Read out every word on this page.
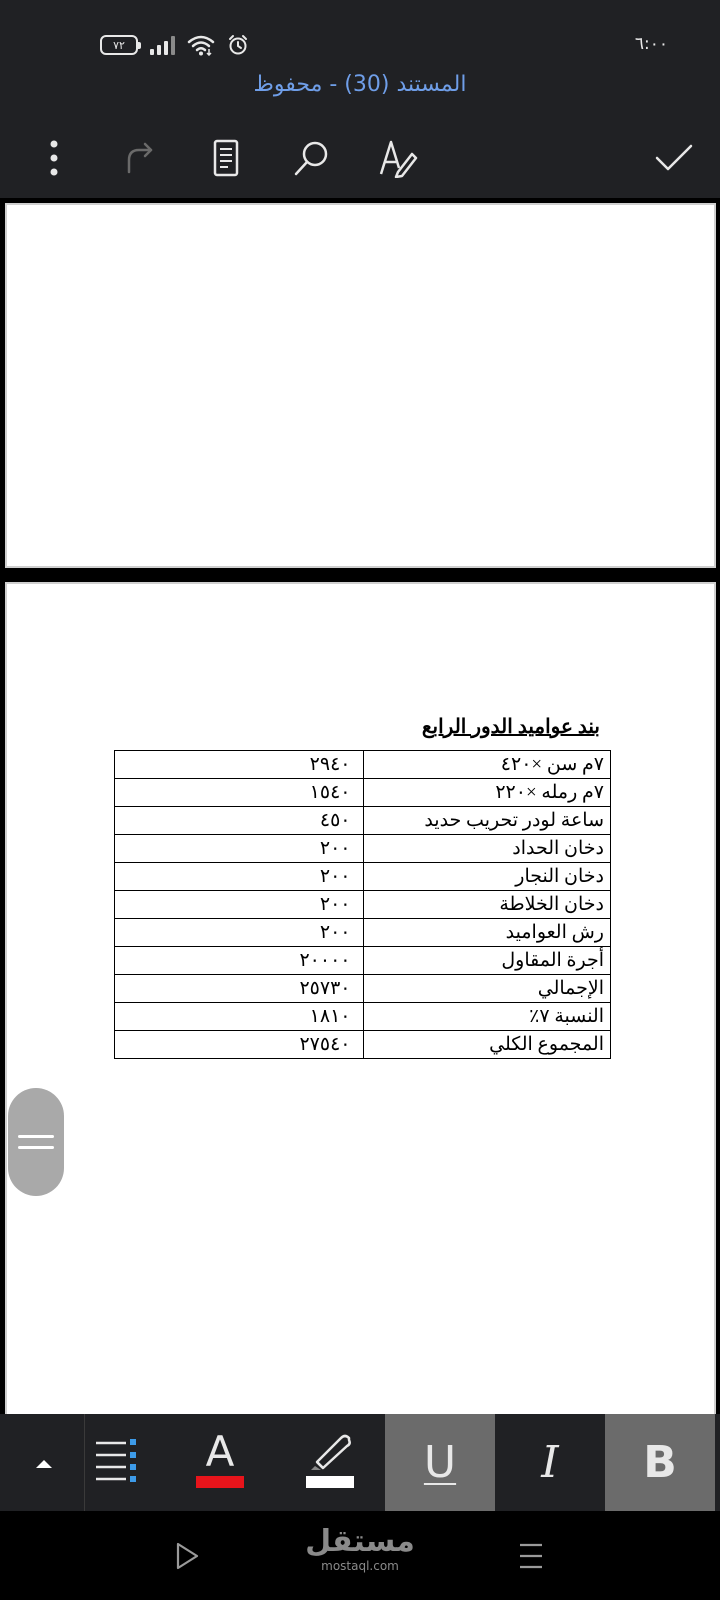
٧٢	٦:٠٠
المستند (30) - محفوظ
بند عواميد الدور الرابع
٧م سن ×٤٢٠	٢٩٤٠
٧م رمله ×٢٢٠	١٥٤٠
ساعة لودر تحريب حديد	٤٥٠
دخان الحداد	٢٠٠
دخان النجار	٢٠٠
دخان الخلاطة	٢٠٠
رش العواميد	٢٠٠
أجرة المقاول	٢٠٠٠٠
الإجمالي	٢٥٧٣٠
النسبة ٧٪	١٨١٠
المجموع الكلي	٢٧٥٤٠
A	U I B
مستقل
mostaql.com
